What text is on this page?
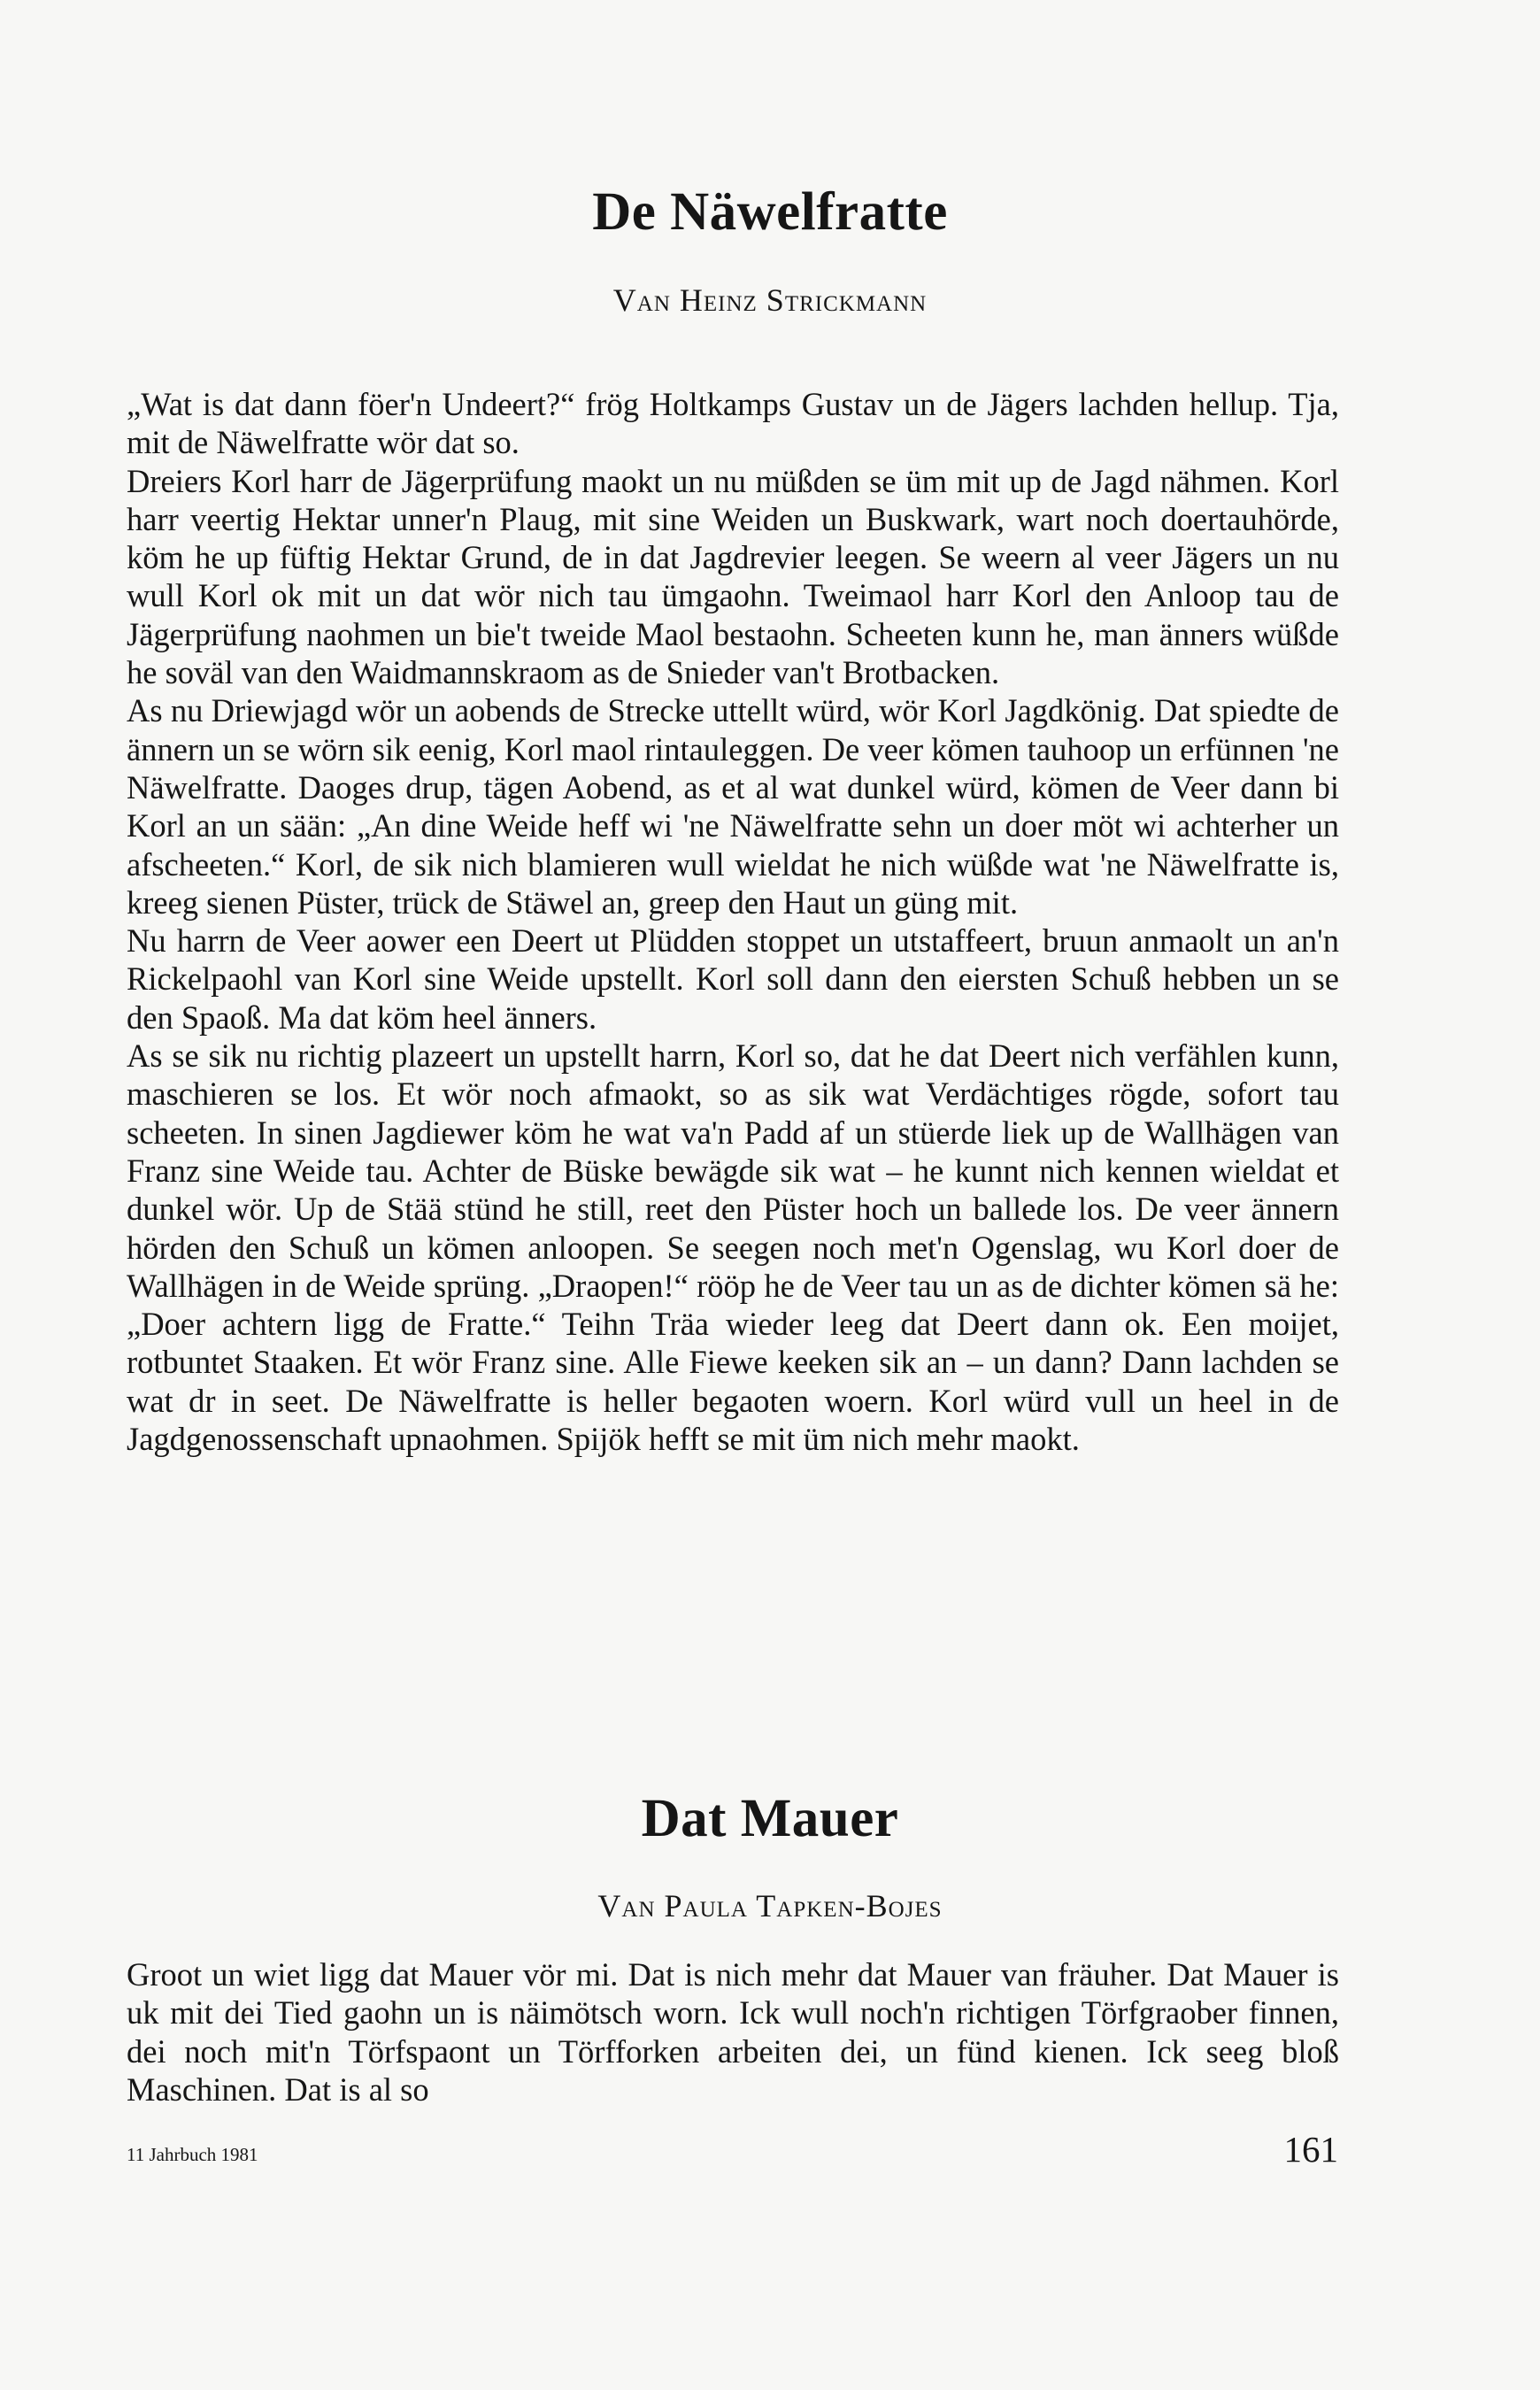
De Näwelfratte
Van Heinz Strickmann

„Wat is dat dann föer'n Undeert?“ frög Holtkamps Gustav un de Jägers lachden hellup. Tja, mit de Näwelfratte wör dat so.

Dreiers Korl harr de Jägerprüfung maokt un nu müßden se üm mit up de Jagd nähmen. Korl harr veertig Hektar unner'n Plaug, mit sine Weiden un Buskwark, wart noch doertauhörde, köm he up füftig Hektar Grund, de in dat Jagdrevier leegen. Se weern al veer Jägers un nu wull Korl ok mit un dat wör nich tau ümgaohn. Tweimaol harr Korl den Anloop tau de Jägerprüfung naohmen un bie't tweide Maol bestaohn. Scheeten kunn he, man änners wüßde he soväl van den Waidmannskraom as de Snieder van't Brotbacken.

As nu Driewjagd wör un aobends de Strecke uttellt würd, wör Korl Jagdkönig. Dat spiedte de ännern un se wörn sik eenig, Korl maol rintauleggen. De veer kömen tauhoop un erfünnen 'ne Näwelfratte. Daoges drup, tägen Aobend, as et al wat dunkel würd, kömen de Veer dann bi Korl an un sään: „An dine Weide heff wi 'ne Näwelfratte sehn un doer möt wi achterher un afscheeten.“ Korl, de sik nich blamieren wull wieldat he nich wüßde wat 'ne Näwelfratte is, kreeg sienen Püster, trück de Stäwel an, greep den Haut un güng mit.

Nu harrn de Veer aower een Deert ut Plüdden stoppet un utstaffeert, bruun anmaolt un an'n Rickelpaohl van Korl sine Weide upstellt. Korl soll dann den eiersten Schuß hebben un se den Spaoß. Ma dat köm heel änners.

As se sik nu richtig plazeert un upstellt harrn, Korl so, dat he dat Deert nich verfählen kunn, maschieren se los. Et wör noch afmaokt, so as sik wat Verdächtiges rögde, sofort tau scheeten. In sinen Jagdiewer köm he wat va'n Padd af un stüerde liek up de Wallhägen van Franz sine Weide tau. Achter de Büske bewägde sik wat – he kunnt nich kennen wieldat et dunkel wör. Up de Stää stünd he still, reet den Püster hoch un ballede los. De veer ännern hörden den Schuß un kömen anloopen. Se seegen noch met'n Ogenslag, wu Korl doer de Wallhägen in de Weide sprüng. „Draopen!“ rööp he de Veer tau un as de dichter kömen sä he: „Doer achtern ligg de Fratte.“ Teihn Träa wieder leeg dat Deert dann ok. Een moijet, rotbuntet Staaken. Et wör Franz sine. Alle Fiewe keeken sik an – un dann? Dann lachden se wat dr in seet. De Näwelfratte is heller begaoten woern. Korl würd vull un heel in de Jagdgenossenschaft upnaohmen. Spijök hefft se mit üm nich mehr maokt.

Dat Mauer
Van Paula Tapken-Bojes

Groot un wiet ligg dat Mauer vör mi. Dat is nich mehr dat Mauer van fräuher. Dat Mauer is uk mit dei Tied gaohn un is näimötsch worn. Ick wull noch'n richtigen Törfgraober finnen, dei noch mit'n Törfspaont un Törfforken arbeiten dei, un fünd kienen. Ick seeg bloß Maschinen. Dat is al so

11 Jahrbuch 1981	161
